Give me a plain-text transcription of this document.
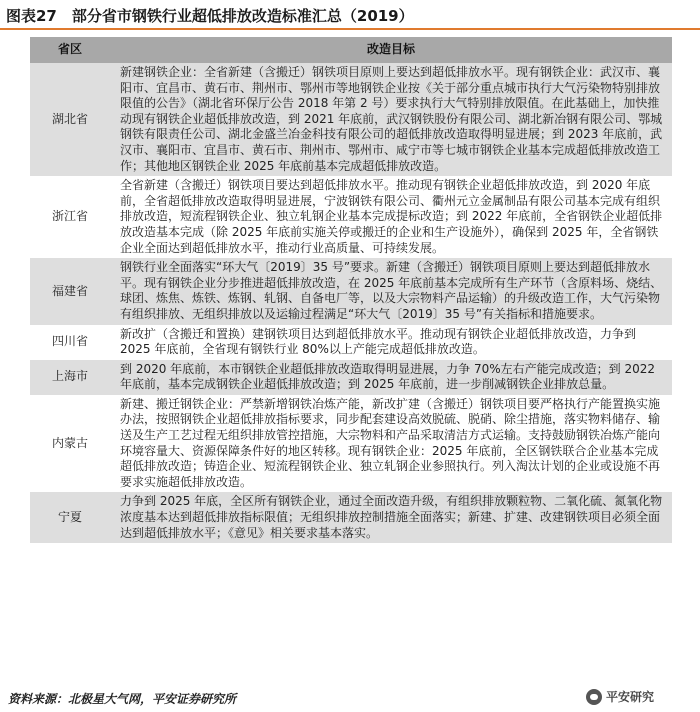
图表27　部分省市钢铁行业超低排放改造标准汇总（2019）
省区	改造目标
湖北省	新建钢铁企业：全省新建（含搬迁）钢铁项目原则上要达到超低排放水平。现有钢铁企业：武汉市、襄阳市、宜昌市、黄石市、荆州市、鄂州市等地钢铁企业按《关于部分重点城市执行大气污染物特别排放限值的公告》（湖北省环保厅公告 2018 年第 2 号）要求执行大气特别排放限值。在此基础上，加快推动现有钢铁企业超低排放改造，到 2021 年底前，武汉钢铁股份有限公司、湖北新冶钢有限公司、鄂城钢铁有限责任公司、湖北金盛兰冶金科技有限公司的超低排放改造取得明显进展；到 2023 年底前，武汉市、襄阳市、宜昌市、黄石市、荆州市、鄂州市、咸宁市等七城市钢铁企业基本完成超低排放改造工作；其他地区钢铁企业 2025 年底前基本完成超低排放改造。
浙江省	全省新建（含搬迁）钢铁项目要达到超低排放水平。推动现有钢铁企业超低排放改造，到 2020 年底前，全省超低排放改造取得明显进展，宁波钢铁有限公司、衢州元立金属制品有限公司基本完成有组织排放改造，短流程钢铁企业、独立轧钢企业基本完成提标改造；到 2022 年底前，全省钢铁企业超低排放改造基本完成（除 2025 年底前实施关停或搬迁的企业和生产设施外），确保到 2025 年，全省钢铁企业全面达到超低排放水平，推动行业高质量、可持续发展。
福建省	钢铁行业全面落实“环大气〔2019〕35 号”要求。新建（含搬迁）钢铁项目原则上要达到超低排放水平。现有钢铁企业分步推进超低排放改造，在 2025 年底前基本完成所有生产环节（含原料场、烧结、球团、炼焦、炼铁、炼钢、轧钢、自备电厂等，以及大宗物料产品运输）的升级改造工作，大气污染物有组织排放、无组织排放以及运输过程满足“环大气〔2019〕35 号”有关指标和措施要求。
四川省	新改扩（含搬迁和置换）建钢铁项目达到超低排放水平。推动现有钢铁企业超低排放改造，力争到 2025 年底前，全省现有钢铁行业 80%以上产能完成超低排放改造。
上海市	到 2020 年底前，本市钢铁企业超低排放改造取得明显进展，力争 70%左右产能完成改造；到 2022 年底前，基本完成钢铁企业超低排放改造；到 2025 年底前，进一步削减钢铁企业排放总量。
内蒙古	新建、搬迁钢铁企业：严禁新增钢铁冶炼产能，新改扩建（含搬迁）钢铁项目要严格执行产能置换实施办法，按照钢铁企业超低排放指标要求，同步配套建设高效脱硫、脱硝、除尘措施，落实物料储存、输送及生产工艺过程无组织排放管控措施，大宗物料和产品采取清洁方式运输。支持鼓励钢铁冶炼产能向环境容量大、资源保障条件好的地区转移。现有钢铁企业：2025 年底前，全区钢铁联合企业基本完成超低排放改造；铸造企业、短流程钢铁企业、独立轧钢企业参照执行。列入淘汰计划的企业或设施不再要求实施超低排放改造。
宁夏	力争到 2025 年底，全区所有钢铁企业，通过全面改造升级，有组织排放颗粒物、二氧化硫、氮氧化物浓度基本达到超低排放指标限值；无组织排放控制措施全面落实；新建、扩建、改建钢铁项目必须全面达到超低排放水平；《意见》相关要求基本落实。
资料来源：北极星大气网，平安证券研究所	平安研究
